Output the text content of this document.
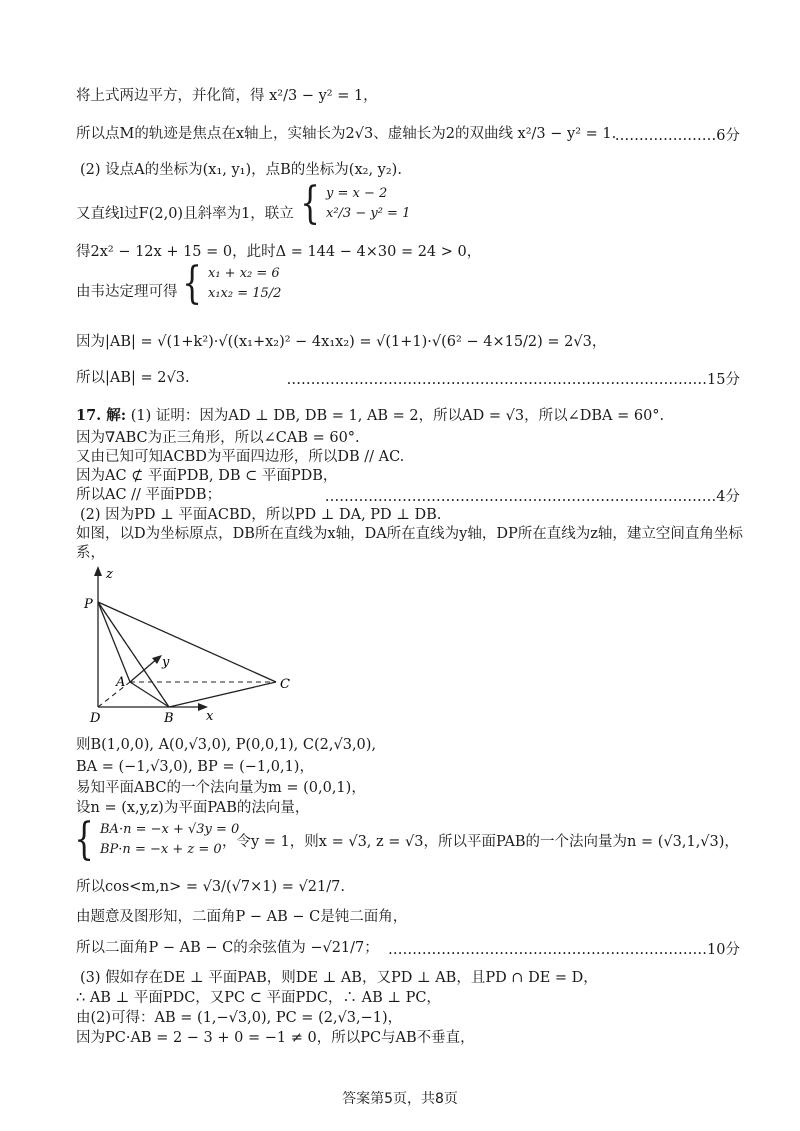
将上式两边平方，并化简，得 x²/3 − y² = 1，
所以点M的轨迹是焦点在x轴上，实轴长为2√3、虚轴长为2的双曲线 x²/3 − y² = 1.
…………………6分
(2) 设点A的坐标为(x₁, y₁)，点B的坐标为(x₂, y₂).
又直线l过F(2,0)且斜率为1，联立 { y = x − 2
x²/3 − y² = 1
得2x² − 12x + 15 = 0，此时Δ = 144 − 4×30 = 24 > 0，
由韦达定理可得 { x₁ + x₂ = 6
x₁x₂ = 15/2
因为|AB| = √(1+k²)·√((x₁+x₂)² − 4x₁x₂) = √(1+1)·√(6² − 4×15/2) = 2√3，
所以|AB| = 2√3.	……………………………………………………………………………15分
17. 解: (1) 证明：因为AD ⊥ DB, DB = 1, AB = 2，所以AD = √3，所以∠DBA = 60°.
因为∇ABC为正三角形，所以∠CAB = 60°.
又由已知可知ACBD为平面四边形，所以DB // AC.
因为AC ⊄ 平面PDB, DB ⊂ 平面PDB，
所以AC // 平面PDB；	………………………………………………………………………4分
(2) 因为PD ⊥ 平面ACBD，所以PD ⊥ DA, PD ⊥ DB.
如图，以D为坐标原点，DB所在直线为x轴，DA所在直线为y轴，DP所在直线为z轴，建立空间直角坐标
系，
z
y
x
P
A	C
D	B
则B(1,0,0), A(0,√3,0), P(0,0,1), C(2,√3,0),
BA = (−1,√3,0), BP = (−1,0,1)，
易知平面ABC的一个法向量为m = (0,0,1)，
设n = (x,y,z)为平面PAB的法向量，
{ BA·n = −x + √3y = 0
BP·n = −x + z = 0 ，令y = 1，则x = √3, z = √3，所以平面PAB的一个法向量为n = (√3,1,√3)，
所以cos<m,n> = √3/(√7×1) = √21/7.
由题意及图形知，二面角P − AB − C是钝二面角，
所以二面角P − AB − C的余弦值为 −√21/7； …………………………………………………………10分
(3) 假如存在DE ⊥ 平面PAB，则DE ⊥ AB，又PD ⊥ AB，且PD ∩ DE = D，
∴ AB ⊥ 平面PDC，又PC ⊂ 平面PDC，∴ AB ⊥ PC，
由(2)可得：AB = (1,−√3,0), PC = (2,√3,−1)，
因为PC·AB = 2 − 3 + 0 = −1 ≠ 0，所以PC与AB不垂直，
答案第5页，共8页
